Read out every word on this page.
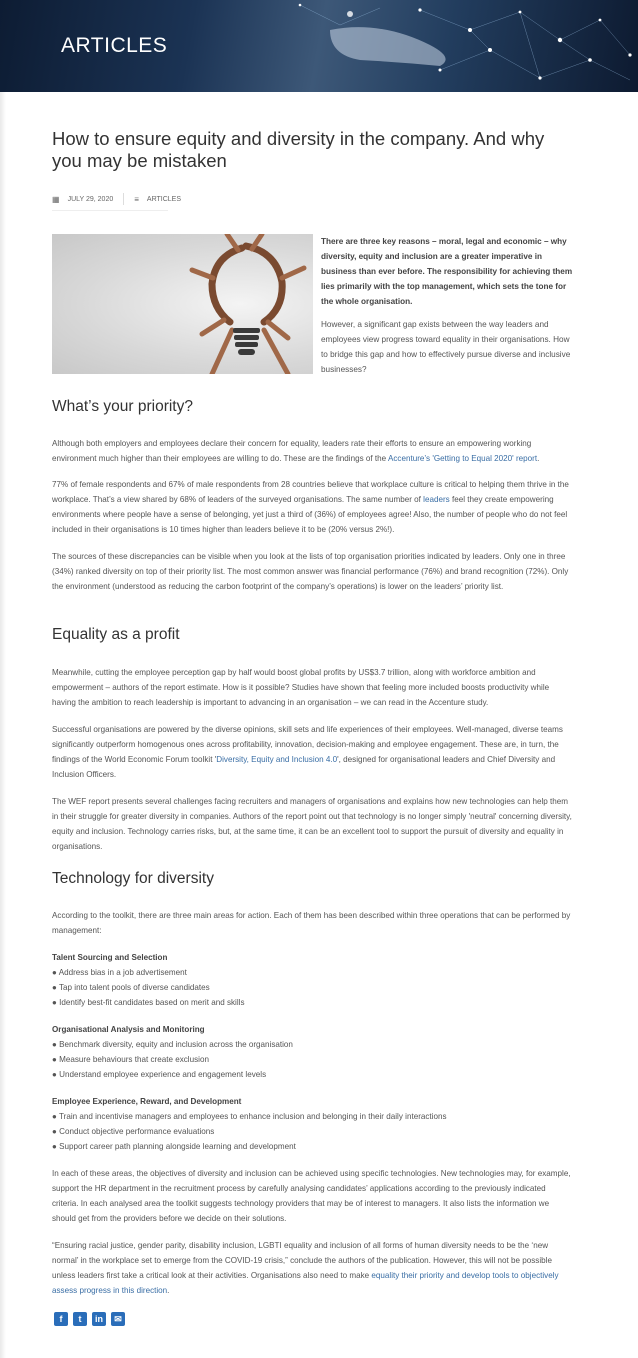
ARTICLES
How to ensure equity and diversity in the company. And why you may be mistaken
▦ JULY 29, 2020	≡ ARTICLES

There are three key reasons – moral, legal and economic – why diversity, equity and inclusion are a greater imperative in business than ever before. The responsibility for achieving them lies primarily with the top management, which sets the tone for the whole organisation.

However, a significant gap exists between the way leaders and employees view progress toward equality in their organisations. How to bridge this gap and how to effectively pursue diverse and inclusive businesses?

What’s your priority?

Although both employers and employees declare their concern for equality, leaders rate their efforts to ensure an empowering working environment much higher than their employees are willing to do. These are the findings of the Accenture’s 'Getting to Equal 2020' report.

77% of female respondents and 67% of male respondents from 28 countries believe that workplace culture is critical to helping them thrive in the workplace. That’s a view shared by 68% of leaders of the surveyed organisations. The same number of leaders feel they create empowering environments where people have a sense of belonging, yet just a third of (36%) of employees agree! Also, the number of people who do not feel included in their organisations is 10 times higher than leaders believe it to be (20% versus 2%!).

The sources of these discrepancies can be visible when you look at the lists of top organisation priorities indicated by leaders. Only one in three (34%) ranked diversity on top of their priority list. The most common answer was financial performance (76%) and brand recognition (72%). Only the environment (understood as reducing the carbon footprint of the company’s operations) is lower on the leaders’ priority list.

Equality as a profit

Meanwhile, cutting the employee perception gap by half would boost global profits by US$3.7 trillion, along with workforce ambition and empowerment – authors of the report estimate. How is it possible? Studies have shown that feeling more included boosts productivity while having the ambition to reach leadership is important to advancing in an organisation – we can read in the Accenture study.

Successful organisations are powered by the diverse opinions, skill sets and life experiences of their employees. Well-managed, diverse teams significantly outperform homogenous ones across profitability, innovation, decision-making and employee engagement. These are, in turn, the findings of the World Economic Forum toolkit 'Diversity, Equity and Inclusion 4.0', designed for organisational leaders and Chief Diversity and Inclusion Officers.

The WEF report presents several challenges facing recruiters and managers of organisations and explains how new technologies can help them in their struggle for greater diversity in companies. Authors of the report point out that technology is no longer simply 'neutral' concerning diversity, equity and inclusion. Technology carries risks, but, at the same time, it can be an excellent tool to support the pursuit of diversity and equality in organisations.

Technology for diversity

According to the toolkit, there are three main areas for action. Each of them has been described within three operations that can be performed by management:

Talent Sourcing and Selection
● Address bias in a job advertisement
● Tap into talent pools of diverse candidates
● Identify best-fit candidates based on merit and skills
Organisational Analysis and Monitoring
● Benchmark diversity, equity and inclusion across the organisation
● Measure behaviours that create exclusion
● Understand employee experience and engagement levels
Employee Experience, Reward, and Development
● Train and incentivise managers and employees to enhance inclusion and belonging in their daily interactions
● Conduct objective performance evaluations
● Support career path planning alongside learning and development

In each of these areas, the objectives of diversity and inclusion can be achieved using specific technologies. New technologies may, for example, support the HR department in the recruitment process by carefully analysing candidates’ applications according to the previously indicated criteria. In each analysed area the toolkit suggests technology providers that may be of interest to managers. It also lists the information we should get from the providers before we decide on their solutions.

“Ensuring racial justice, gender parity, disability inclusion, LGBTI equality and inclusion of all forms of human diversity needs to be the ‘new normal’ in the workplace set to emerge from the COVID-19 crisis,” conclude the authors of the publication. However, this will not be possible unless leaders first take a critical look at their activities. Organisations also need to make equality their priority and develop tools to objectively assess progress in this direction.

f	t	in	✉
